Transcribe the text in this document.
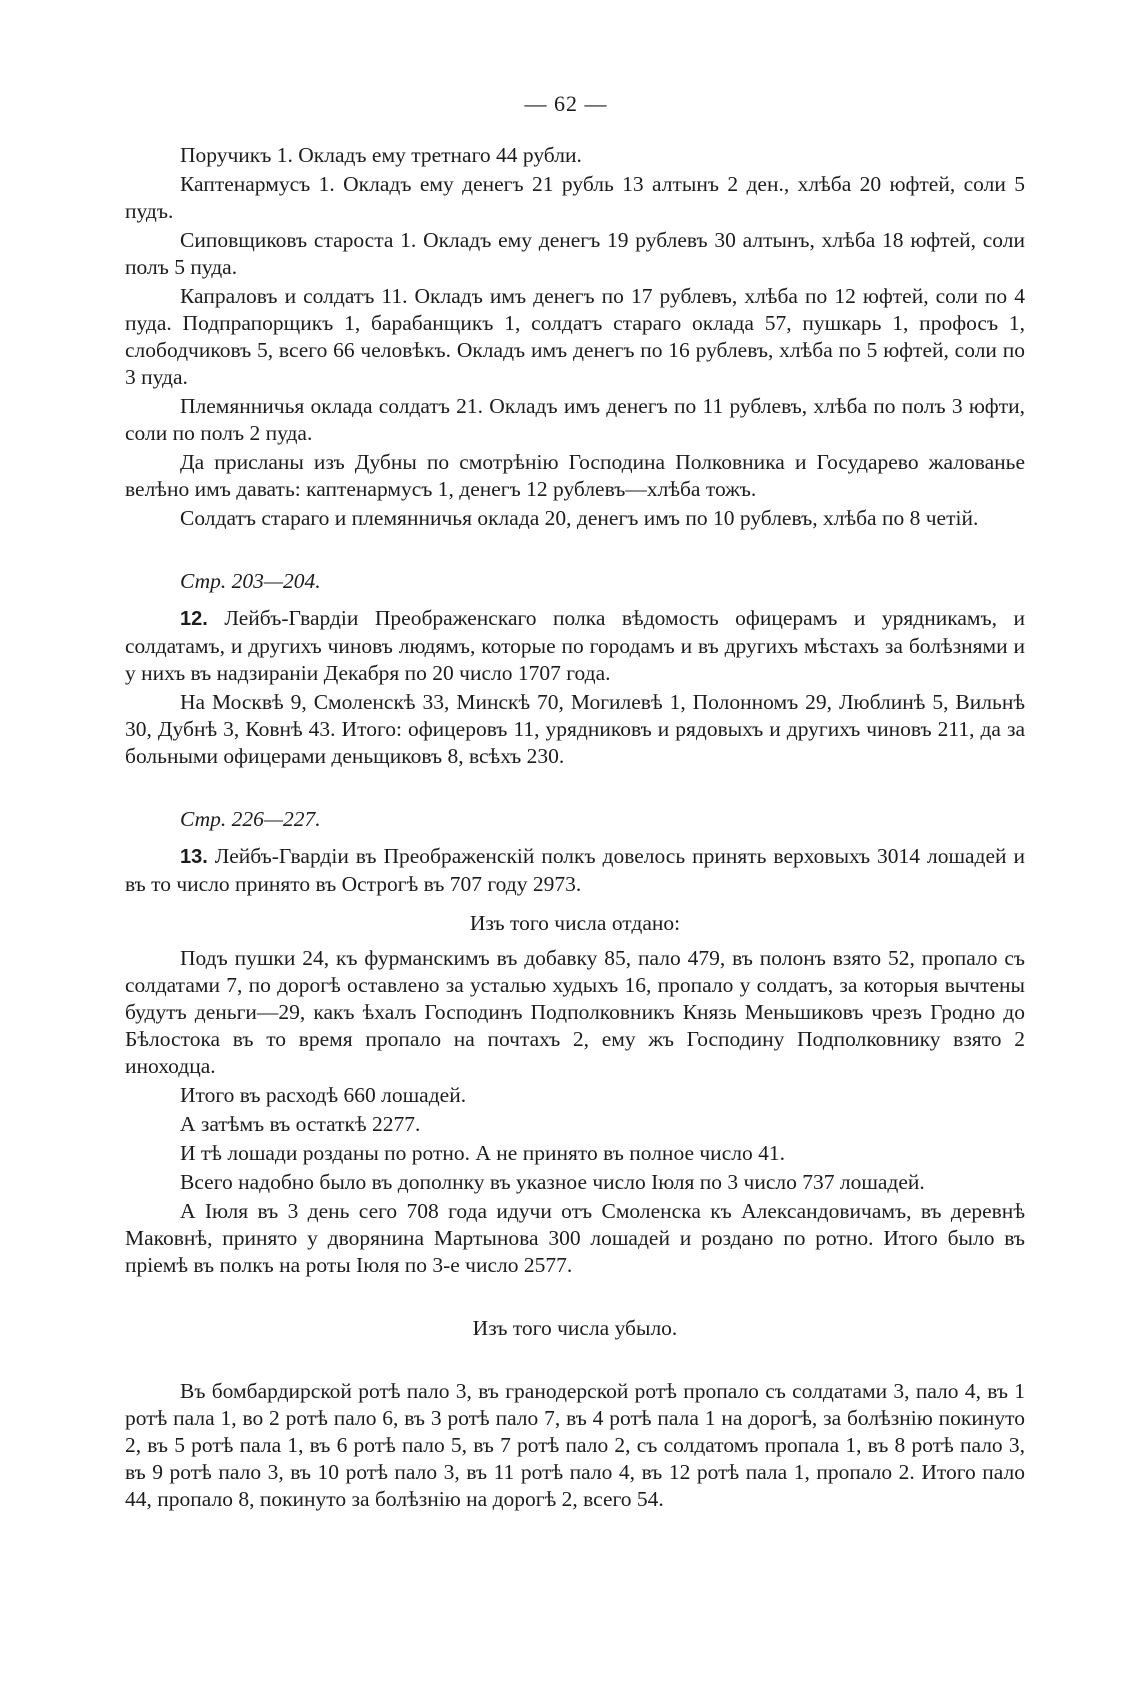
— 62 —

Поручикъ 1. Окладъ ему третнаго 44 рубли.

Каптенармусъ 1. Окладъ ему денегъ 21 рубль 13 алтынъ 2 ден., хлѣба 20 юфтей, соли 5 пудъ.

Сиповщиковъ староста 1. Окладъ ему денегъ 19 рублевъ 30 алтынъ, хлѣба 18 юфтей, соли полъ 5 пуда.

Капраловъ и солдатъ 11. Окладъ имъ денегъ по 17 рублевъ, хлѣба по 12 юфтей, соли по 4 пуда. Подпрапорщикъ 1, барабанщикъ 1, солдатъ стараго оклада 57, пушкарь 1, профосъ 1, слободчиковъ 5, всего 66 человѣкъ. Окладъ имъ денегъ по 16 рублевъ, хлѣба по 5 юфтей, соли по 3 пуда.

Племянничья оклада солдатъ 21. Окладъ имъ денегъ по 11 рублевъ, хлѣба по полъ 3 юфти, соли по полъ 2 пуда.

Да присланы изъ Дубны по смотрѣнію Господина Полковника и Государево жалованье велѣно имъ давать: каптенармусъ 1, денегъ 12 рублевъ—хлѣба тожъ.

Солдатъ стараго и племянничья оклада 20, денегъ имъ по 10 рублевъ, хлѣба по 8 четій.

Стр. 203—204.

12. Лейбъ-Гвардіи Преображенскаго полка вѣдомость офицерамъ и урядникамъ, и солдатамъ, и другихъ чиновъ людямъ, которые по городамъ и въ другихъ мѣстахъ за болѣзнями и у нихъ въ надзираніи Декабря по 20 число 1707 года.

На Москвѣ 9, Смоленскѣ 33, Минскѣ 70, Могилевѣ 1, Полонномъ 29, Люблинѣ 5, Вильнѣ 30, Дубнѣ 3, Ковнѣ 43. Итого: офицеровъ 11, урядниковъ и рядовыхъ и другихъ чиновъ 211, да за больными офицерами деньщиковъ 8, всѣхъ 230.

Стр. 226—227.

13. Лейбъ-Гвардіи въ Преображенскій полкъ довелось принять верховыхъ 3014 лошадей и въ то число принято въ Острогѣ въ 707 году 2973.

Изъ того числа отдано:

Подъ пушки 24, къ фурманскимъ въ добавку 85, пало 479, въ полонъ взято 52, пропало съ солдатами 7, по дорогѣ оставлено за усталью худыхъ 16, пропало у солдатъ, за которыя вычтены будутъ деньги—29, какъ ѣхалъ Господинъ Подполковникъ Князь Меньшиковъ чрезъ Гродно до Бѣлостока въ то время пропало на почтахъ 2, ему жъ Господину Подполковнику взято 2 иноходца.

Итого въ расходѣ 660 лошадей.

А затѣмъ въ остаткѣ 2277.

И тѣ лошади розданы по ротно. А не принято въ полное число 41.

Всего надобно было въ дополнку въ указное число Іюля по 3 число 737 лошадей.

А Іюля въ 3 день сего 708 года идучи отъ Смоленска къ Александовичамъ, въ деревнѣ Маковнѣ, принято у дворянина Мартынова 300 лошадей и роздано по ротно. Итого было въ пріемѣ въ полкъ на роты Іюля по 3-е число 2577.

Изъ того числа убыло.

Въ бомбардирской ротѣ пало 3, въ гранодерской ротѣ пропало съ солдатами 3, пало 4, въ 1 ротѣ пала 1, во 2 ротѣ пало 6, въ 3 ротѣ пало 7, въ 4 ротѣ пала 1 на дорогѣ, за болѣзнію покинуто 2, въ 5 ротѣ пала 1, въ 6 ротѣ пало 5, въ 7 ротѣ пало 2, съ солдатомъ пропала 1, въ 8 ротѣ пало 3, въ 9 ротѣ пало 3, въ 10 ротѣ пало 3, въ 11 ротѣ пало 4, въ 12 ротѣ пала 1, пропало 2. Итого пало 44, пропало 8, покинуто за болѣзнію на дорогѣ 2, всего 54.
